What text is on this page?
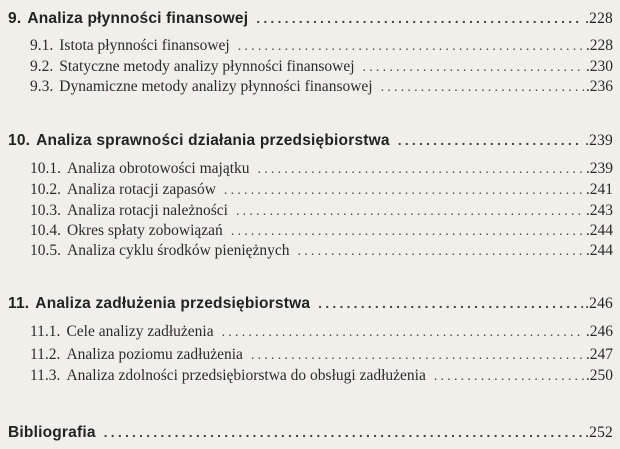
9. Analiza płynności finansowej .....	.228
9.1. Istota płynności finansowej .....	.228
9.2. Statyczne metody analizy płynności finansowej .....	.230
9.3. Dynamiczne metody analizy płynności finansowej .....	.236
10. Analiza sprawności działania przedsiębiorstwa .....	.239
10.1. Analiza obrotowości majątku .....	.239
10.2. Analiza rotacji zapasów .....	.241
10.3. Analiza rotacji należności .....	.243
10.4. Okres spłaty zobowiązań .....	.244
10.5. Analiza cyklu środków pieniężnych .....	.244
11. Analiza zadłużenia przedsiębiorstwa .....	.246
11.1. Cele analizy zadłużenia .....	.246
11.2. Analiza poziomu zadłużenia .....	.247
11.3. Analiza zdolności przedsiębiorstwa do obsługi zadłużenia .....	.250
Bibliografia .....	.252
